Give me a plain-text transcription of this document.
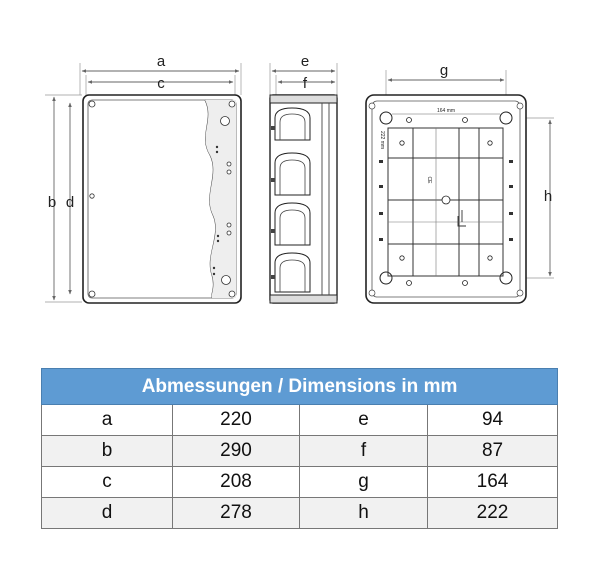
a
c
b d
e
f
g
h
164 mm
222 mm
CE
Abmessungen / Dimensions in mm			
a	220	e	94
b	290	f	87
c	208	g	164
d	278	h	222
